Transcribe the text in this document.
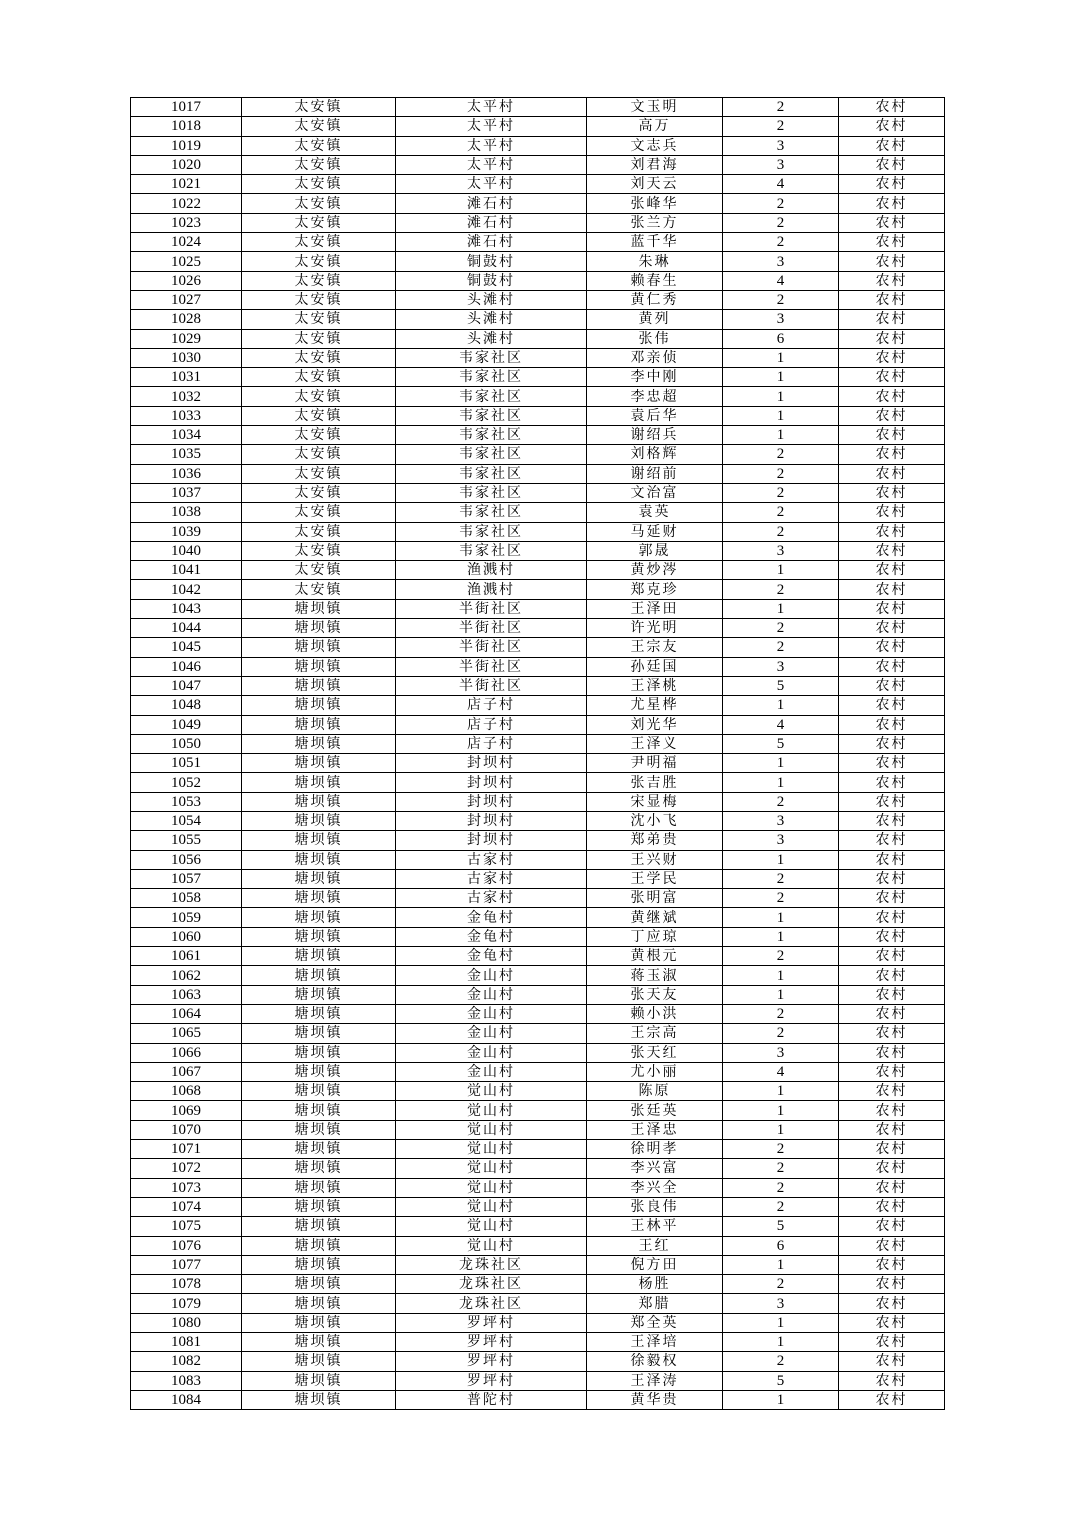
1017	太安镇	太平村	文玉明	2	农村
1018	太安镇	太平村	高万	2	农村
1019	太安镇	太平村	文志兵	3	农村
1020	太安镇	太平村	刘君海	3	农村
1021	太安镇	太平村	刘天云	4	农村
1022	太安镇	滩石村	张峰华	2	农村
1023	太安镇	滩石村	张兰方	2	农村
1024	太安镇	滩石村	蓝千华	2	农村
1025	太安镇	铜鼓村	朱琳	3	农村
1026	太安镇	铜鼓村	赖春生	4	农村
1027	太安镇	头滩村	黄仁秀	2	农村
1028	太安镇	头滩村	黄列	3	农村
1029	太安镇	头滩村	张伟	6	农村
1030	太安镇	韦家社区	邓亲侦	1	农村
1031	太安镇	韦家社区	李中刚	1	农村
1032	太安镇	韦家社区	李忠超	1	农村
1033	太安镇	韦家社区	袁后华	1	农村
1034	太安镇	韦家社区	谢绍兵	1	农村
1035	太安镇	韦家社区	刘格辉	2	农村
1036	太安镇	韦家社区	谢绍前	2	农村
1037	太安镇	韦家社区	文治富	2	农村
1038	太安镇	韦家社区	袁英	2	农村
1039	太安镇	韦家社区	马延财	2	农村
1040	太安镇	韦家社区	郭晟	3	农村
1041	太安镇	渔溅村	黄炒涔	1	农村
1042	太安镇	渔溅村	郑克珍	2	农村
1043	塘坝镇	半街社区	王泽田	1	农村
1044	塘坝镇	半街社区	许光明	2	农村
1045	塘坝镇	半街社区	王宗友	2	农村
1046	塘坝镇	半街社区	孙廷国	3	农村
1047	塘坝镇	半街社区	王泽桃	5	农村
1048	塘坝镇	店子村	尤星桦	1	农村
1049	塘坝镇	店子村	刘光华	4	农村
1050	塘坝镇	店子村	王泽义	5	农村
1051	塘坝镇	封坝村	尹明福	1	农村
1052	塘坝镇	封坝村	张吉胜	1	农村
1053	塘坝镇	封坝村	宋显梅	2	农村
1054	塘坝镇	封坝村	沈小飞	3	农村
1055	塘坝镇	封坝村	郑弟贵	3	农村
1056	塘坝镇	古家村	王兴财	1	农村
1057	塘坝镇	古家村	王学民	2	农村
1058	塘坝镇	古家村	张明富	2	农村
1059	塘坝镇	金龟村	黄继斌	1	农村
1060	塘坝镇	金龟村	丁应琼	1	农村
1061	塘坝镇	金龟村	黄根元	2	农村
1062	塘坝镇	金山村	蒋玉淑	1	农村
1063	塘坝镇	金山村	张天友	1	农村
1064	塘坝镇	金山村	赖小洪	2	农村
1065	塘坝镇	金山村	王宗高	2	农村
1066	塘坝镇	金山村	张天红	3	农村
1067	塘坝镇	金山村	尤小丽	4	农村
1068	塘坝镇	觉山村	陈原	1	农村
1069	塘坝镇	觉山村	张廷英	1	农村
1070	塘坝镇	觉山村	王泽忠	1	农村
1071	塘坝镇	觉山村	徐明孝	2	农村
1072	塘坝镇	觉山村	李兴富	2	农村
1073	塘坝镇	觉山村	李兴全	2	农村
1074	塘坝镇	觉山村	张良伟	2	农村
1075	塘坝镇	觉山村	王林平	5	农村
1076	塘坝镇	觉山村	王红	6	农村
1077	塘坝镇	龙珠社区	倪方田	1	农村
1078	塘坝镇	龙珠社区	杨胜	2	农村
1079	塘坝镇	龙珠社区	郑腊	3	农村
1080	塘坝镇	罗坪村	郑全英	1	农村
1081	塘坝镇	罗坪村	王泽培	1	农村
1082	塘坝镇	罗坪村	徐毅权	2	农村
1083	塘坝镇	罗坪村	王泽涛	5	农村
1084	塘坝镇	普陀村	黄华贵	1	农村
